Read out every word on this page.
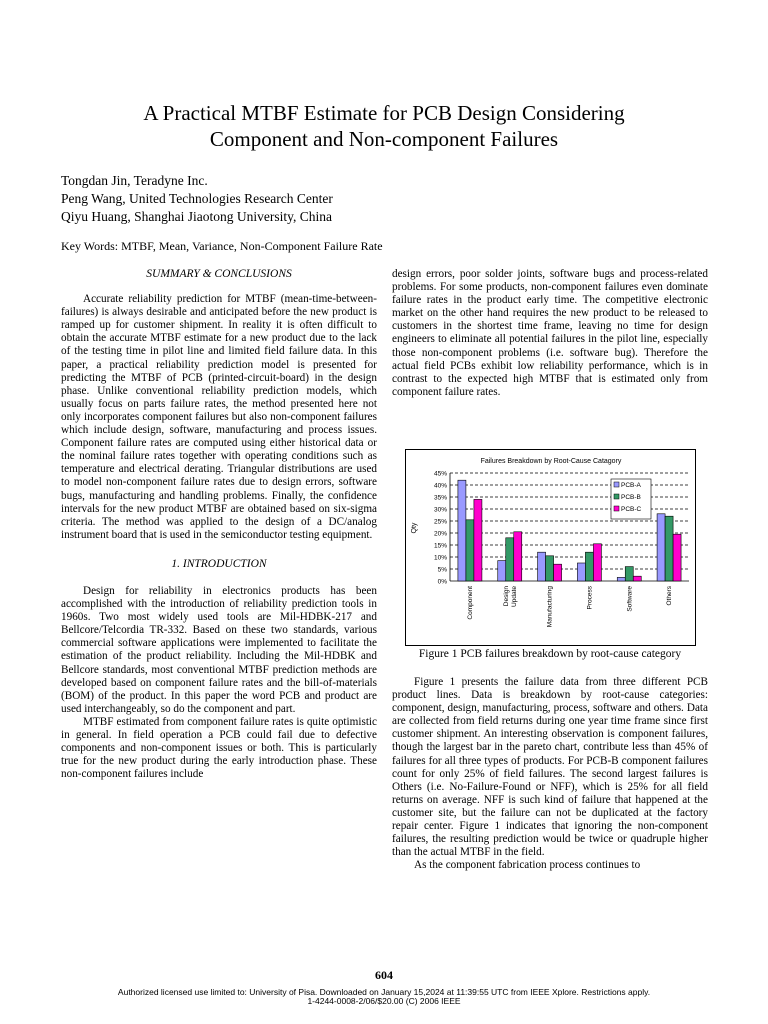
A Practical MTBF Estimate for PCB Design Considering
Component and Non-component Failures
Tongdan Jin, Teradyne Inc.
Peng Wang, United Technologies Research Center
Qiyu Huang, Shanghai Jiaotong University, China
Key Words: MTBF, Mean, Variance, Non-Component Failure Rate
SUMMARY & CONCLUSIONS

Accurate reliability prediction for MTBF (mean-time-between-failures) is always desirable and anticipated before the new product is ramped up for customer shipment. In reality it is often difficult to obtain the accurate MTBF estimate for a new product due to the lack of the testing time in pilot line and limited field failure data. In this paper, a practical reliability prediction model is presented for predicting the MTBF of PCB (printed-circuit-board) in the design phase. Unlike conventional reliability prediction models, which usually focus on parts failure rates, the method presented here not only incorporates component failures but also non-component failures which include design, software, manufacturing and process issues. Component failure rates are computed using either historical data or the nominal failure rates together with operating conditions such as temperature and electrical derating. Triangular distributions are used to model non-component failure rates due to design errors, software bugs, manufacturing and handling problems. Finally, the confidence intervals for the new product MTBF are obtained based on six-sigma criteria. The method was applied to the design of a DC/analog instrument board that is used in the semiconductor testing equipment.

1. INTRODUCTION

Design for reliability in electronics products has been accomplished with the introduction of reliability prediction tools in 1960s. Two most widely used tools are Mil-HDBK-217 and Bellcore/Telcordia TR-332. Based on these two standards, various commercial software applications were implemented to facilitate the estimation of the product reliability. Including the Mil-HDBK and Bellcore standards, most conventional MTBF prediction methods are developed based on component failure rates and the bill-of-materials (BOM) of the product. In this paper the word PCB and product are used interchangeably, so do the component and part.

MTBF estimated from component failure rates is quite optimistic in general. In field operation a PCB could fail due to defective components and non-component issues or both. This is particularly true for the new product during the early introduction phase. These non-component failures include

design errors, poor solder joints, software bugs and process-related problems. For some products, non-component failures even dominate failure rates in the product early time. The competitive electronic market on the other hand requires the new product to be released to customers in the shortest time frame, leaving no time for design engineers to eliminate all potential failures in the pilot line, especially those non-component problems (i.e. software bug). Therefore the actual field PCBs exhibit low reliability performance, which is in contrast to the expected high MTBF that is estimated only from component failure rates.

Failures Breakdown by Root-Cause Catagory
0%
5%
10%
15%
20%
25%
30%
35%
40%
45%
Qty
Component	Design Update	Manufacturing	Process	Software	Others
PCB-A
PCB-B
PCB-C
Figure 1 PCB failures breakdown by root-cause category

Figure 1 presents the failure data from three different PCB product lines. Data is breakdown by root-cause categories: component, design, manufacturing, process, software and others. Data are collected from field returns during one year time frame since first customer shipment. An interesting observation is component failures, though the largest bar in the pareto chart, contribute less than 45% of failures for all three types of products. For PCB-B component failures count for only 25% of field failures. The second largest failures is Others (i.e. No-Failure-Found or NFF), which is 25% for all field returns on average. NFF is such kind of failure that happened at the customer site, but the failure can not be duplicated at the factory repair center. Figure 1 indicates that ignoring the non-component failures, the resulting prediction would be twice or quadruple higher than the actual MTBF in the field.

As the component fabrication process continues to

604
Authorized licensed use limited to: University of Pisa. Downloaded on January 15,2024 at 11:39:55 UTC from IEEE Xplore. Restrictions apply.
1-4244-0008-2/06/$20.00 (C) 2006 IEEE
